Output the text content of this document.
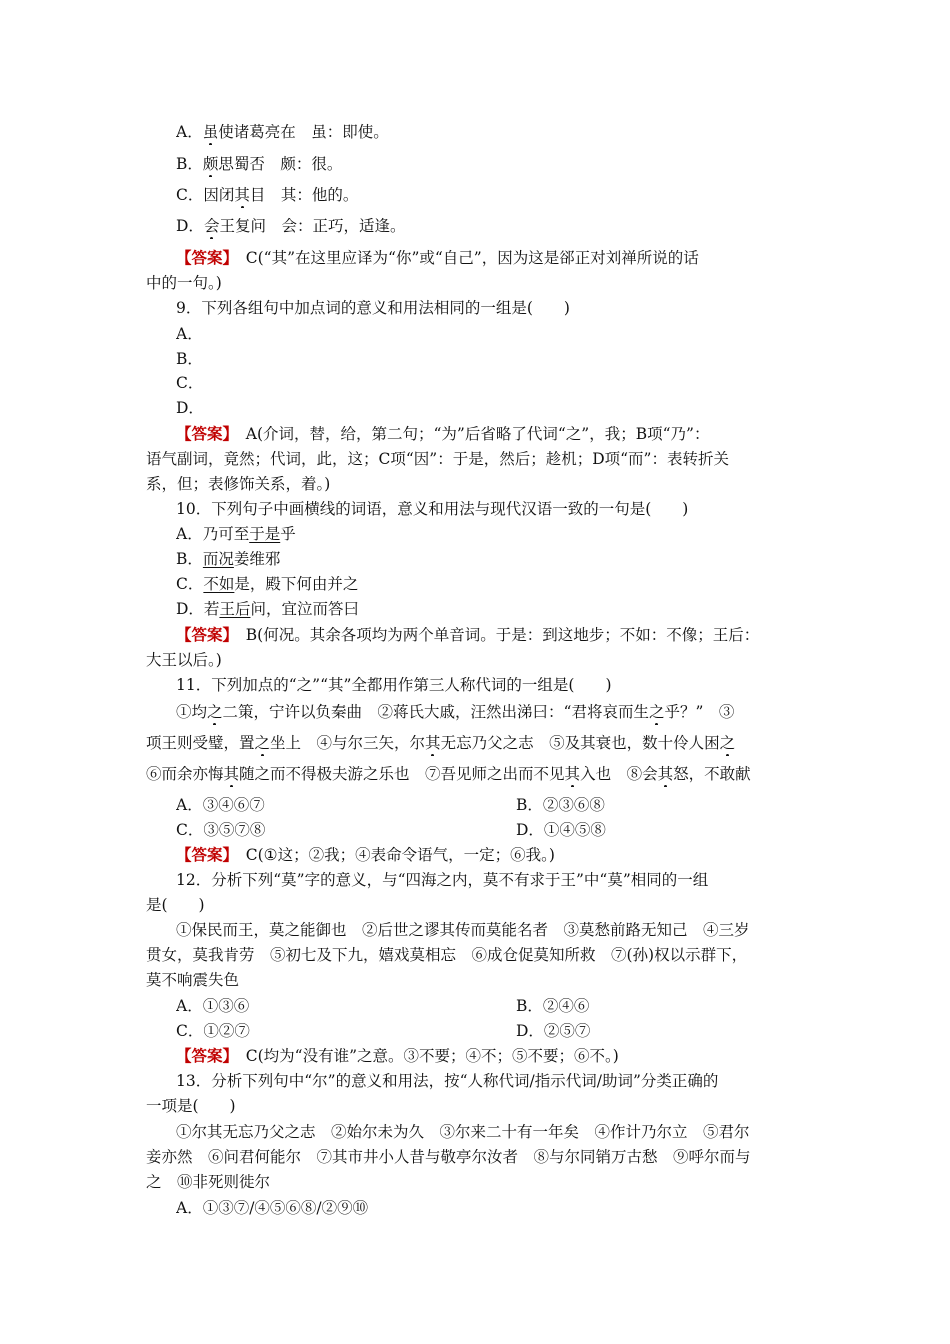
A．虽使诸葛亮在　虽：即使。
B．颇思蜀否　颇：很。
C．因闭其目　其：他的。
D．会王复问　会：正巧，适逢。
【答案】　C(“其”在这里应译为“你”或“自己”，因为这是郤正对刘禅所说的话
中的一句。)
9．下列各组句中加点词的意义和用法相同的一组是(　　)
A．
B．
C．
D．
【答案】　A(介词，替，给，第二句；“为”后省略了代词“之”，我；B项“乃”：
语气副词，竟然；代词，此，这；C项“因”：于是，然后；趁机；D项“而”：表转折关
系，但；表修饰关系，着。)
10．下列句子中画横线的词语，意义和用法与现代汉语一致的一句是(　　)
A．乃可至于是乎
B．而况姜维邪
C．不如是，殿下何由并之
D．若王后问，宜泣而答曰
【答案】　B(何况。其余各项均为两个单音词。于是：到这地步；不如：不像；王后：
大王以后。)
11．下列加点的“之”“其”全都用作第三人称代词的一组是(　　)
①均之二策，宁许以负秦曲　②蒋氏大戚，汪然出涕曰：“君将哀而生之乎？”　③
项王则受璧，置之坐上　④与尔三矢，尔其无忘乃父之志　⑤及其衰也，数十伶人困之
⑥而余亦悔其随之而不得极夫游之乐也　⑦吾见师之出而不见其入也　⑧会其怒，不敢献
A．③④⑥⑦	B．②③⑥⑧
C．③⑤⑦⑧	D．①④⑤⑧
【答案】　C(①这；②我；④表命令语气，一定；⑥我。)
12．分析下列“莫”字的意义，与“四海之内，莫不有求于王”中“莫”相同的一组
是(　　)
①保民而王，莫之能御也　②后世之谬其传而莫能名者　③莫愁前路无知己　④三岁
贯女，莫我肯劳　⑤初七及下九，嬉戏莫相忘　⑥成仓促莫知所救　⑦(孙)权以示群下，
莫不响震失色
A．①③⑥	B．②④⑥
C．①②⑦	D．②⑤⑦
【答案】　C(均为“没有谁”之意。③不要；④不；⑤不要；⑥不。)
13．分析下列句中“尔”的意义和用法，按“人称代词/指示代词/助词”分类正确的
一项是(　　)
①尔其无忘乃父之志　②始尔未为久　③尔来二十有一年矣　④作计乃尔立　⑤君尔
妾亦然　⑥问君何能尔　⑦其市井小人昔与敬亭尔汝者　⑧与尔同销万古愁　⑨呼尔而与
之　⑩非死则徙尔
A．①③⑦/④⑤⑥⑧/②⑨⑩
